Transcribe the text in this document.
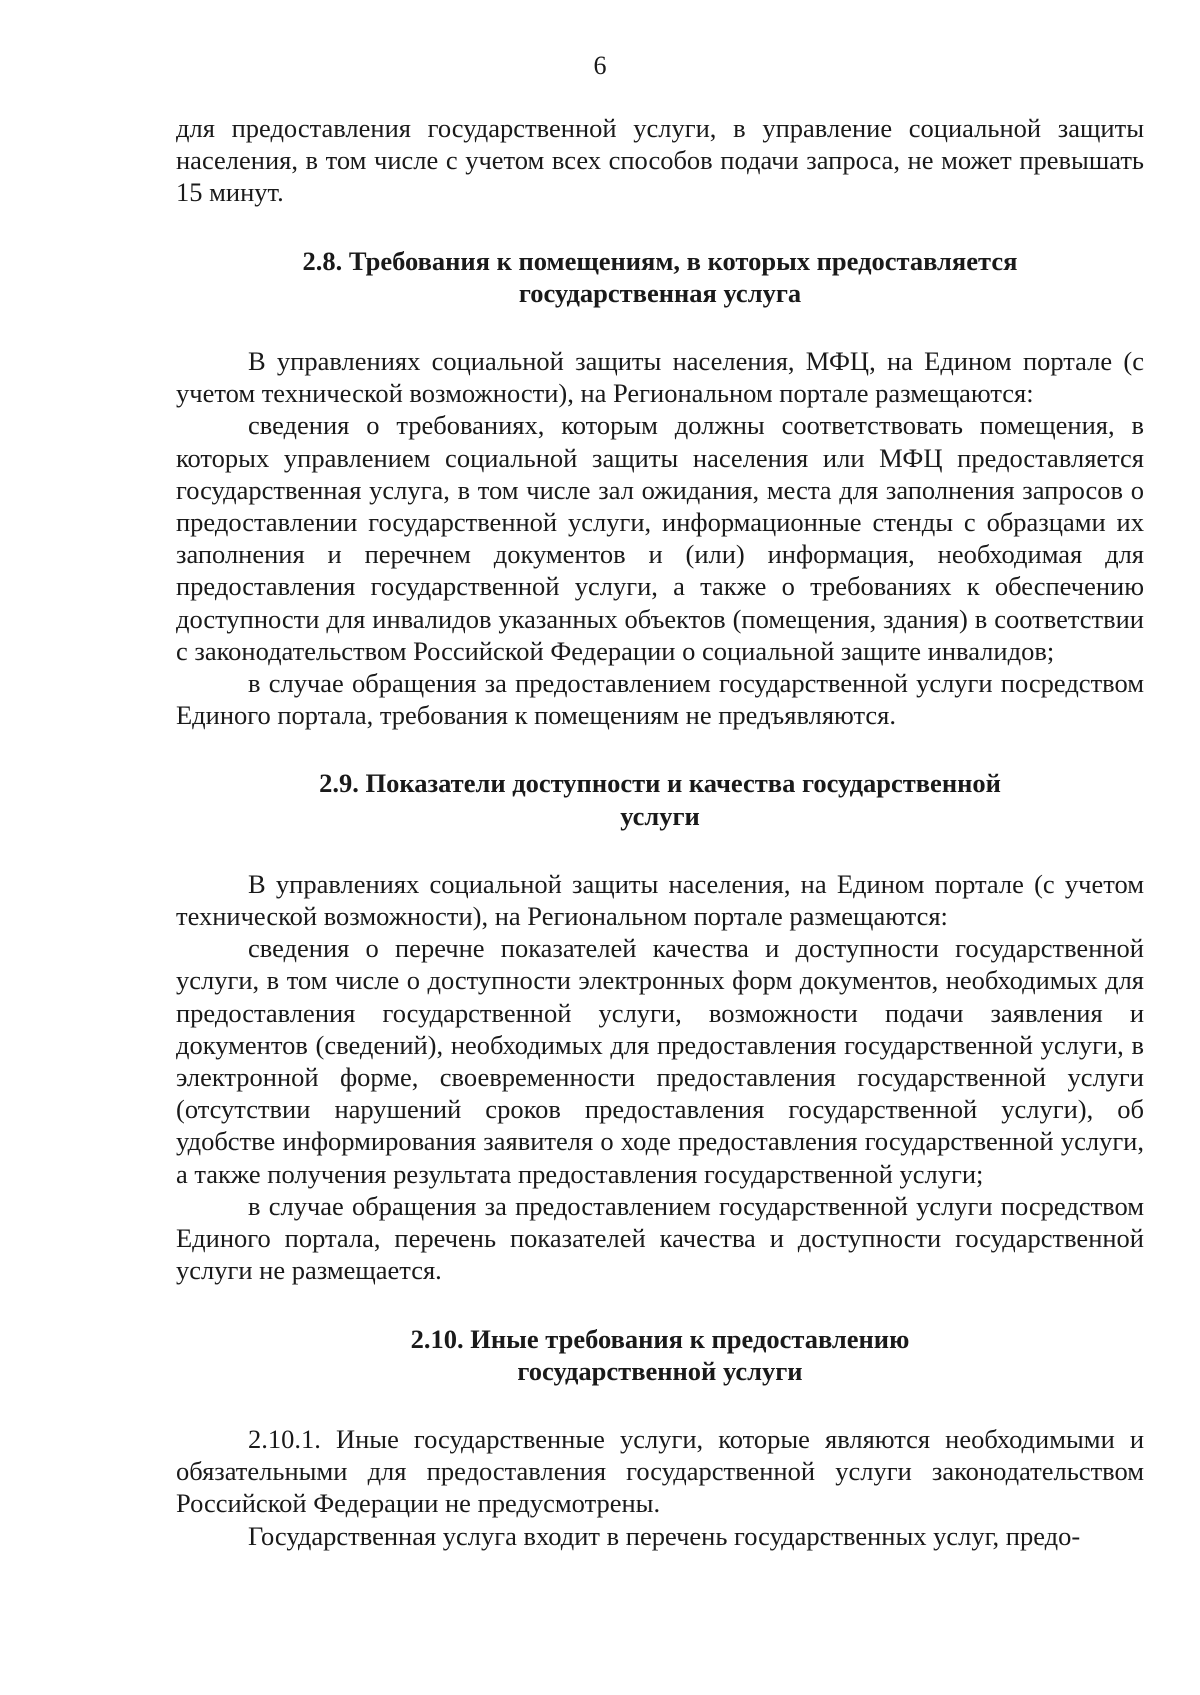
6

для предоставления государственной услуги, в управление социальной защиты населения, в том числе с учетом всех способов подачи запроса, не может превышать 15 минут.

2.8. Требования к помещениям, в которых предоставляется
государственная услуга

В управлениях социальной защиты населения, МФЦ, на Едином портале (с учетом технической возможности), на Региональном портале размещаются:

сведения о требованиях, которым должны соответствовать помещения, в которых управлением социальной защиты населения или МФЦ предоставляется государственная услуга, в том числе зал ожидания, места для заполнения запросов о предоставлении государственной услуги, информационные стенды с образцами их заполнения и перечнем документов и (или) информация, необходимая для предоставления государственной услуги, а также о требованиях к обеспечению доступности для инвалидов указанных объектов (помещения, здания) в соответствии с законодательством Российской Федерации о социальной защите инвалидов;

в случае обращения за предоставлением государственной услуги посредством Единого портала, требования к помещениям не предъявляются.

2.9. Показатели доступности и качества государственной
услуги

В управлениях социальной защиты населения, на Едином портале (с учетом технической возможности), на Региональном портале размещаются:

сведения о перечне показателей качества и доступности государственной услуги, в том числе о доступности электронных форм документов, необходимых для предоставления государственной услуги, возможности подачи заявления и документов (сведений), необходимых для предоставления государственной услуги, в электронной форме, своевременности предоставления государственной услуги (отсутствии нарушений сроков предоставления государственной услуги), об удобстве информирования заявителя о ходе предоставления государственной услуги, а также получения результата предоставления государственной услуги;

в случае обращения за предоставлением государственной услуги посредством Единого портала, перечень показателей качества и доступности государственной услуги не размещается.

2.10. Иные требования к предоставлению
государственной услуги

2.10.1. Иные государственные услуги, которые являются необходимыми и обязательными для предоставления государственной услуги законодательством Российской Федерации не предусмотрены.

Государственная услуга входит в перечень государственных услуг, предо-
